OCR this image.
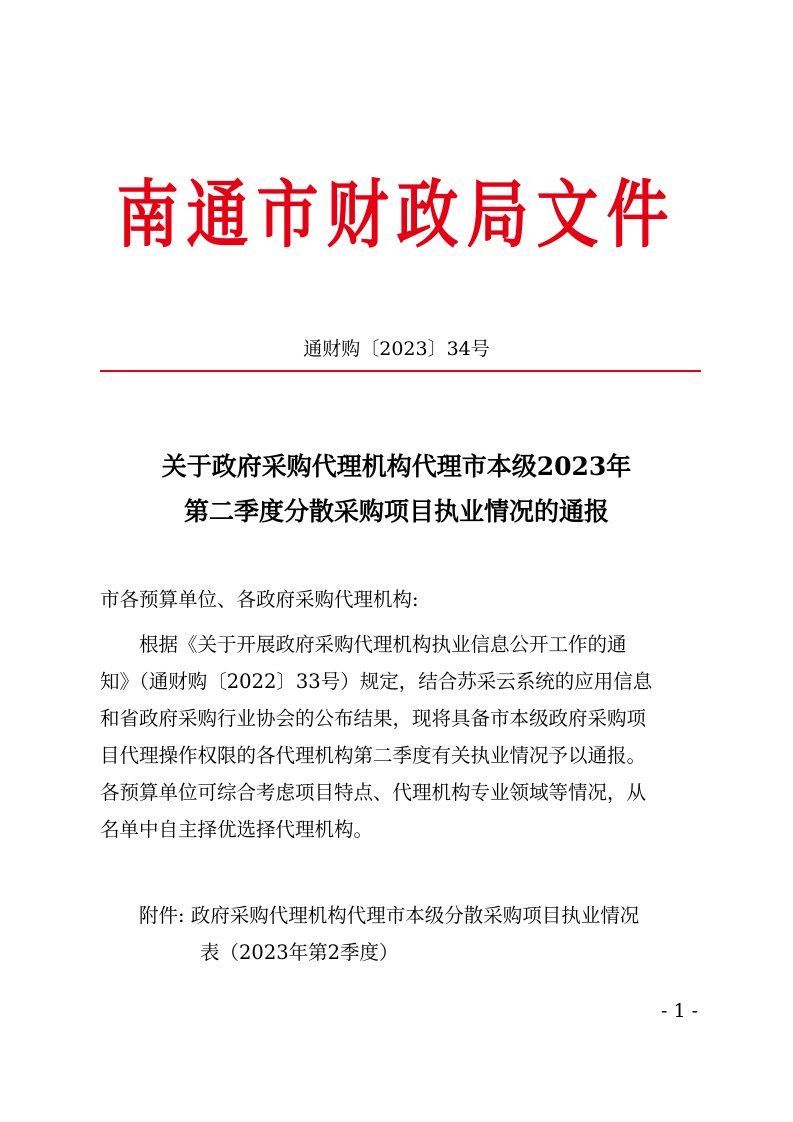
南通市财政局文件
通财购〔2023〕34号
关于政府采购代理机构代理市本级2023年
第二季度分散采购项目执业情况的通报
市各预算单位、各政府采购代理机构:
根据《关于开展政府采购代理机构执业信息公开工作的通
知》（通财购〔2022〕33号）规定，结合苏采云系统的应用信息
和省政府采购行业协会的公布结果，现将具备市本级政府采购项
目代理操作权限的各代理机构第二季度有关执业情况予以通报。
各预算单位可综合考虑项目特点、代理机构专业领域等情况，从
名单中自主择优选择代理机构。
附件: 政府采购代理机构代理市本级分散采购项目执业情况
表（2023年第2季度）
- 1 -
